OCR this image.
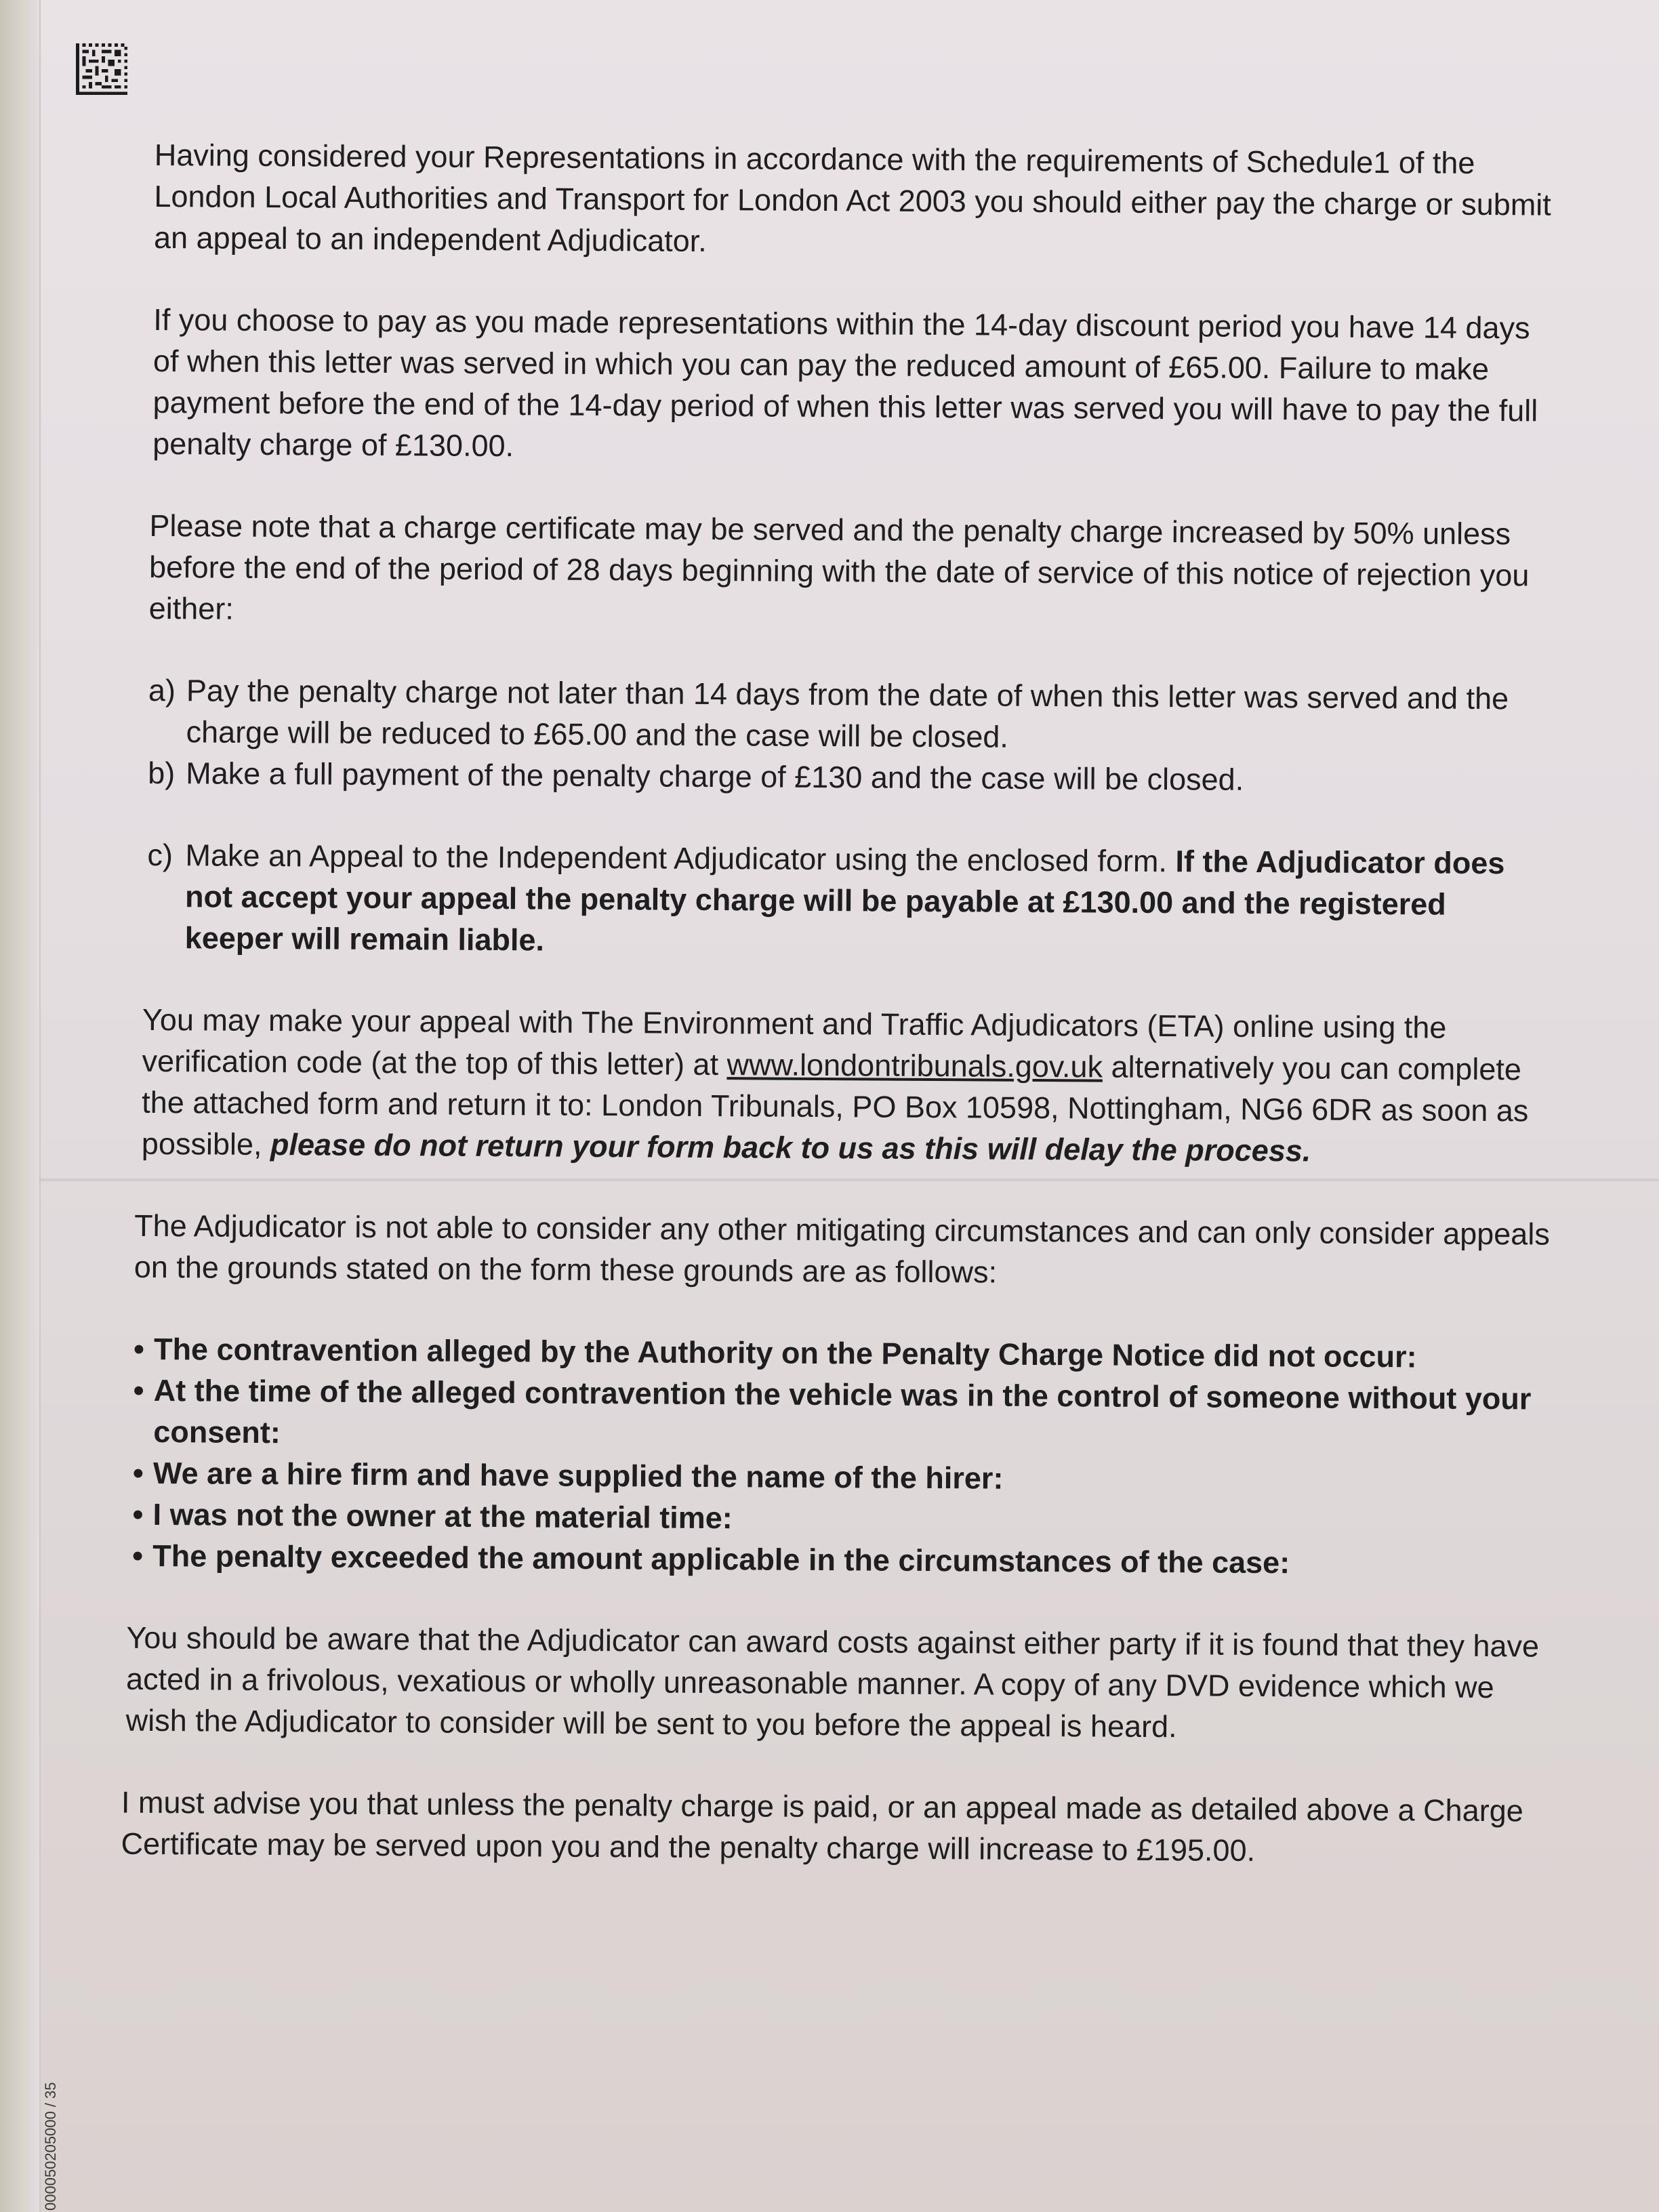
000050205000 / 35

Having considered your Representations in accordance with the requirements of Schedule1 of the London Local Authorities and Transport for London Act 2003 you should either pay the charge or submit an appeal to an independent Adjudicator.

If you choose to pay as you made representations within the 14-day discount period you have 14 days of when this letter was served in which you can pay the reduced amount of £65.00. Failure to make payment before the end of the 14-day period of when this letter was served you will have to pay the full penalty charge of £130.00.

Please note that a charge certificate may be served and the penalty charge increased by 50% unless before the end of the period of 28 days beginning with the date of service of this notice of rejection you either:

a) Pay the penalty charge not later than 14 days from the date of when this letter was served and the charge will be reduced to £65.00 and the case will be closed.
b) Make a full payment of the penalty charge of £130 and the case will be closed.
c) Make an Appeal to the Independent Adjudicator using the enclosed form. If the Adjudicator does not accept your appeal the penalty charge will be payable at £130.00 and the registered keeper will remain liable.

You may make your appeal with The Environment and Traffic Adjudicators (ETA) online using the verification code (at the top of this letter) at www.londontribunals.gov.uk alternatively you can complete the attached form and return it to: London Tribunals, PO Box 10598, Nottingham, NG6 6DR as soon as possible, please do not return your form back to us as this will delay the process.

The Adjudicator is not able to consider any other mitigating circumstances and can only consider appeals on the grounds stated on the form these grounds are as follows:

• The contravention alleged by the Authority on the Penalty Charge Notice did not occur:
• At the time of the alleged contravention the vehicle was in the control of someone without your consent:
• We are a hire firm and have supplied the name of the hirer:
• I was not the owner at the material time:
• The penalty exceeded the amount applicable in the circumstances of the case:

You should be aware that the Adjudicator can award costs against either party if it is found that they have acted in a frivolous, vexatious or wholly unreasonable manner. A copy of any DVD evidence which we wish the Adjudicator to consider will be sent to you before the appeal is heard.

I must advise you that unless the penalty charge is paid, or an appeal made as detailed above a Charge Certificate may be served upon you and the penalty charge will increase to £195.00.
